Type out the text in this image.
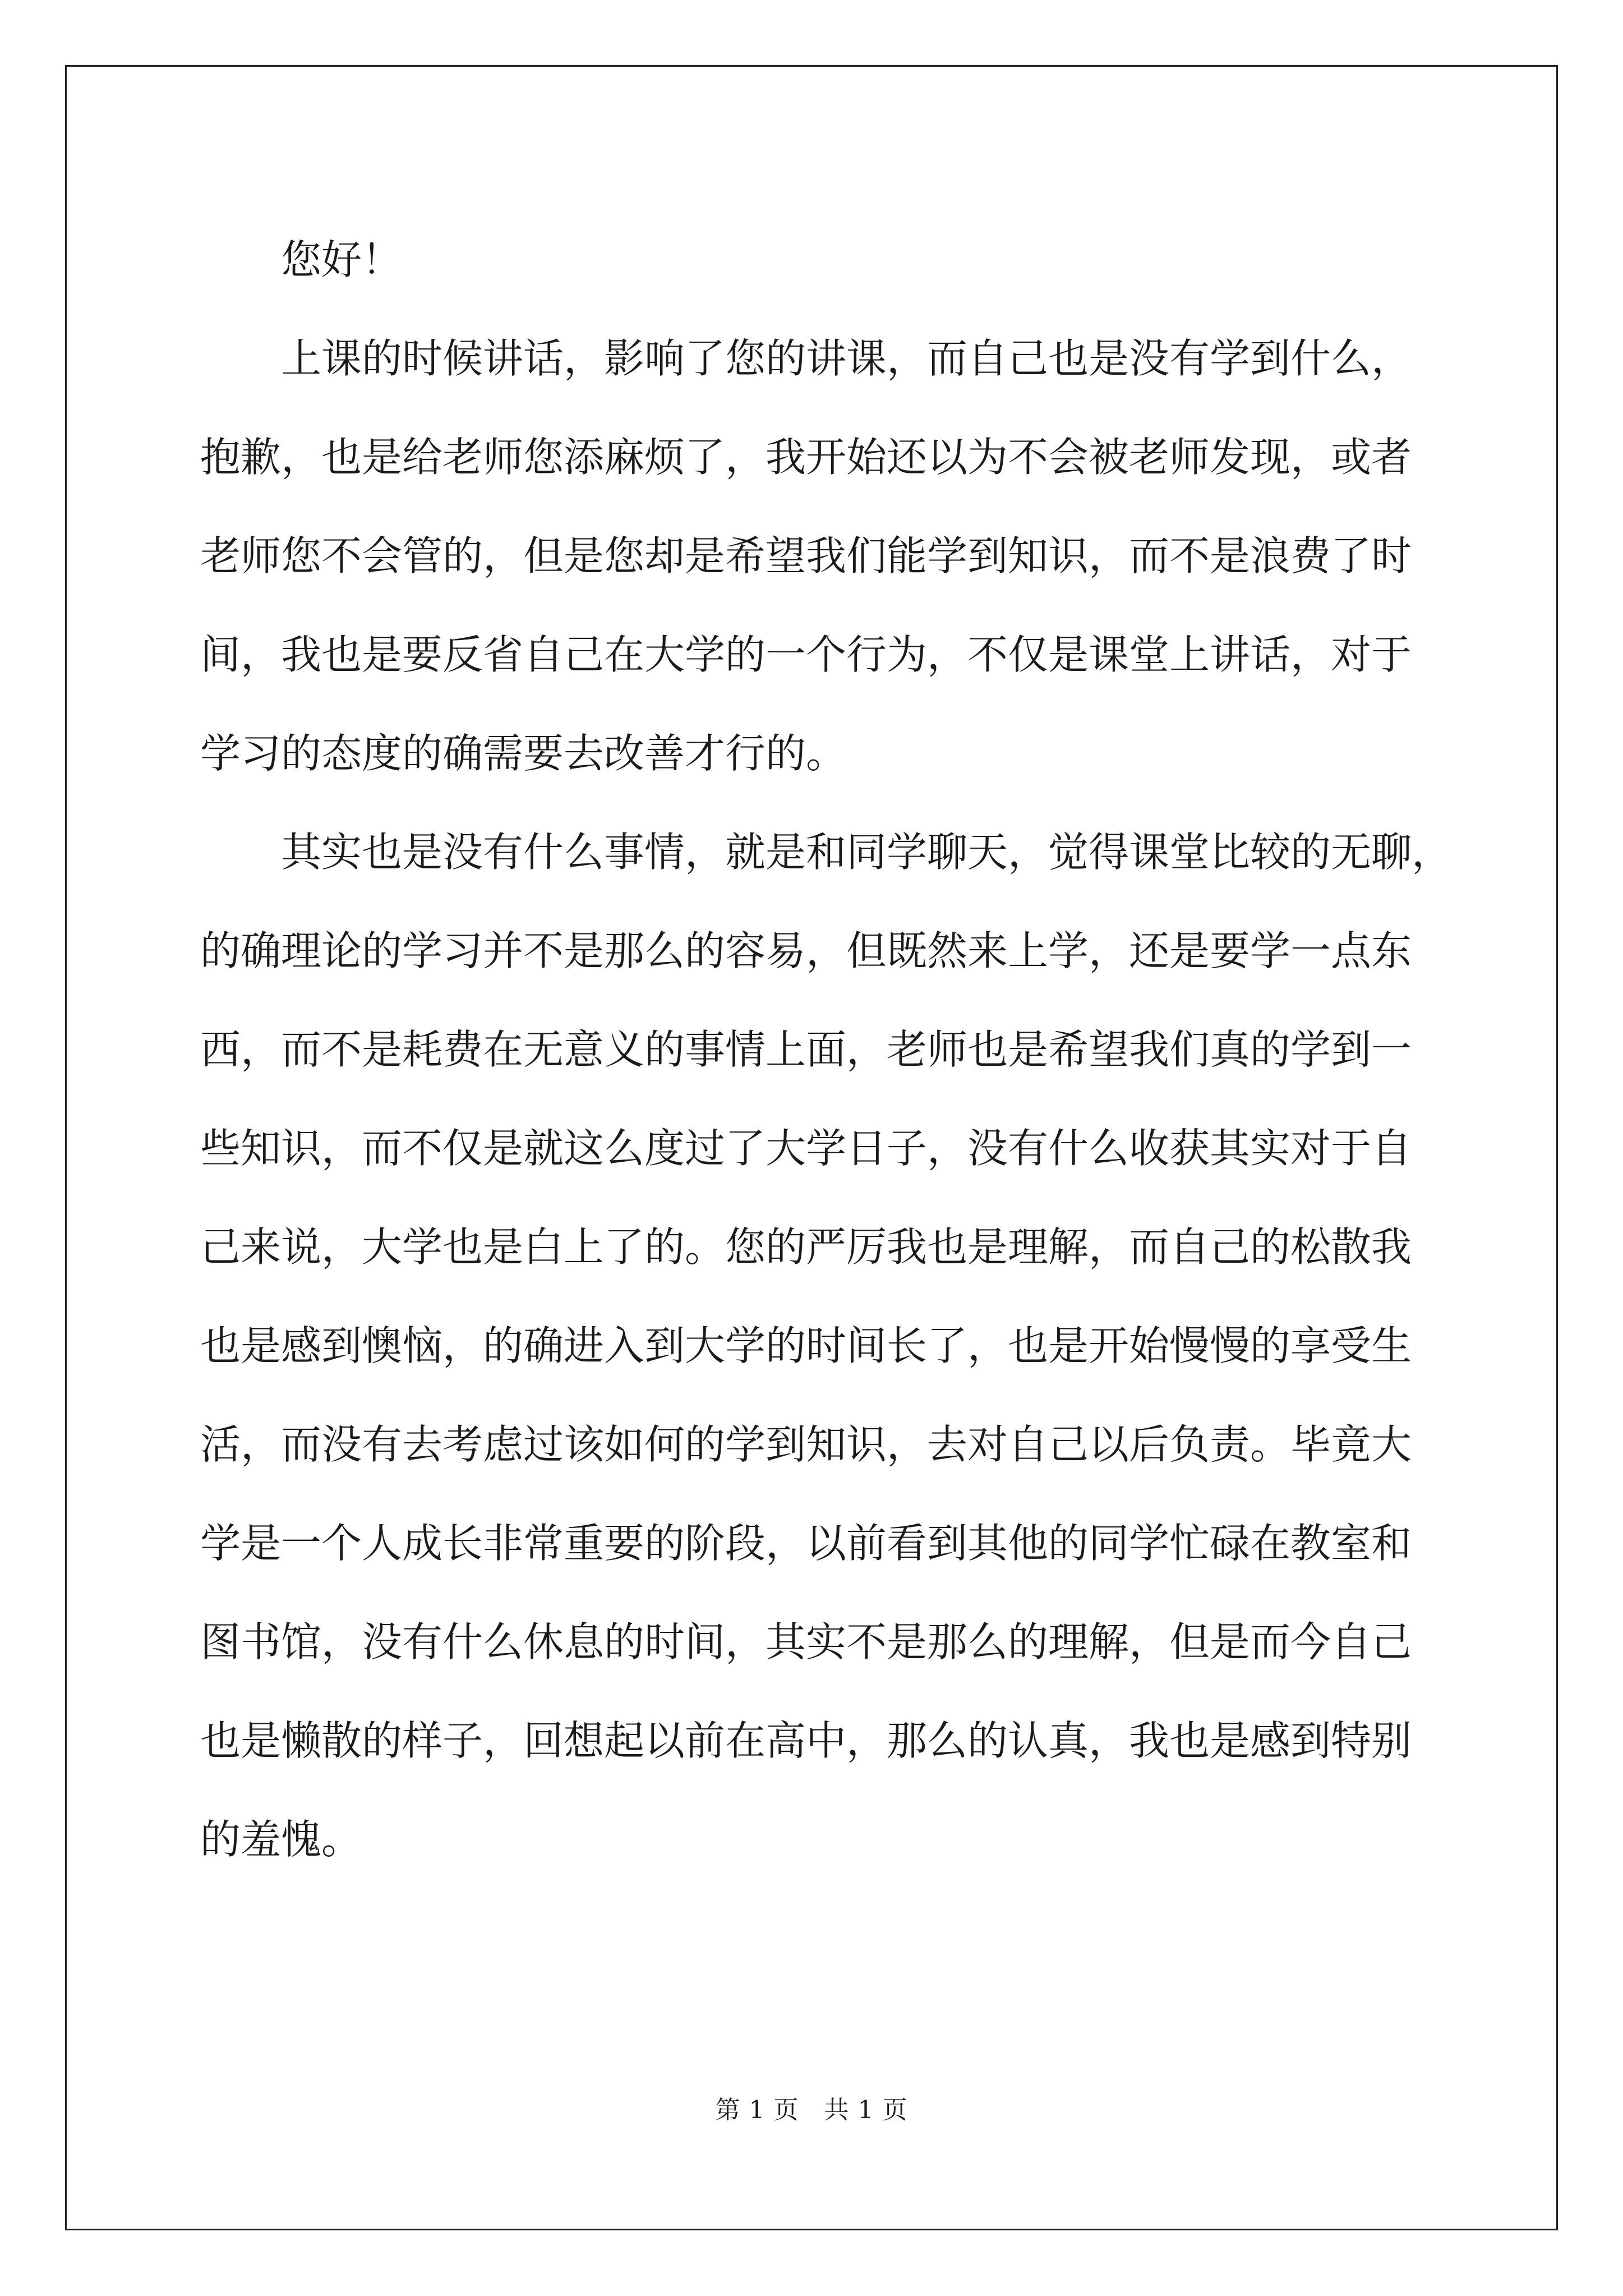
您好！
上课的时候讲话，影响了您的讲课，而自己也是没有学到什么，
抱歉，也是给老师您添麻烦了，我开始还以为不会被老师发现，或者
老师您不会管的，但是您却是希望我们能学到知识，而不是浪费了时
间，我也是要反省自己在大学的一个行为，不仅是课堂上讲话，对于
学习的态度的确需要去改善才行的。
其实也是没有什么事情，就是和同学聊天，觉得课堂比较的无聊，
的确理论的学习并不是那么的容易，但既然来上学，还是要学一点东
西，而不是耗费在无意义的事情上面，老师也是希望我们真的学到一
些知识，而不仅是就这么度过了大学日子，没有什么收获其实对于自
己来说，大学也是白上了的。您的严厉我也是理解，而自己的松散我
也是感到懊恼，的确进入到大学的时间长了，也是开始慢慢的享受生
活，而没有去考虑过该如何的学到知识，去对自己以后负责。毕竟大
学是一个人成长非常重要的阶段，以前看到其他的同学忙碌在教室和
图书馆，没有什么休息的时间，其实不是那么的理解，但是而今自己
也是懒散的样子，回想起以前在高中，那么的认真，我也是感到特别
的羞愧。
第 1 页　共 1 页
